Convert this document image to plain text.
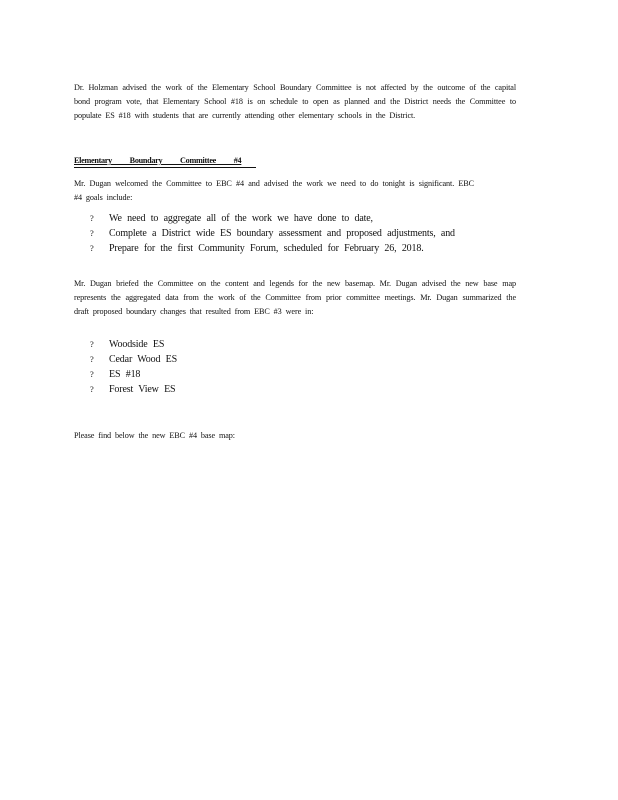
Dr. Holzman advised the work of the Elementary School Boundary Committee is not affected by the outcome of the capital bond program vote, that Elementary School #18 is on schedule to open as planned and the District needs the Committee to populate ES #18 with students that are currently attending other elementary schools in the District.

Elementary Boundary Committee #4

Mr. Dugan welcomed the Committee to EBC #4 and advised the work we need to do tonight is significant. EBC #4 goals include:

? We need to aggregate all of the work we have done to date,
? Complete a District wide ES boundary assessment and proposed adjustments, and
? Prepare for the first Community Forum, scheduled for February 26, 2018.

Mr. Dugan briefed the Committee on the content and legends for the new basemap. Mr. Dugan advised the new base map represents the aggregated data from the work of the Committee from prior committee meetings. Mr. Dugan summarized the draft proposed boundary changes that resulted from EBC #3 were in:

? Woodside ES
? Cedar Wood ES
? ES #18
? Forest View ES

Please find below the new EBC #4 base map:
